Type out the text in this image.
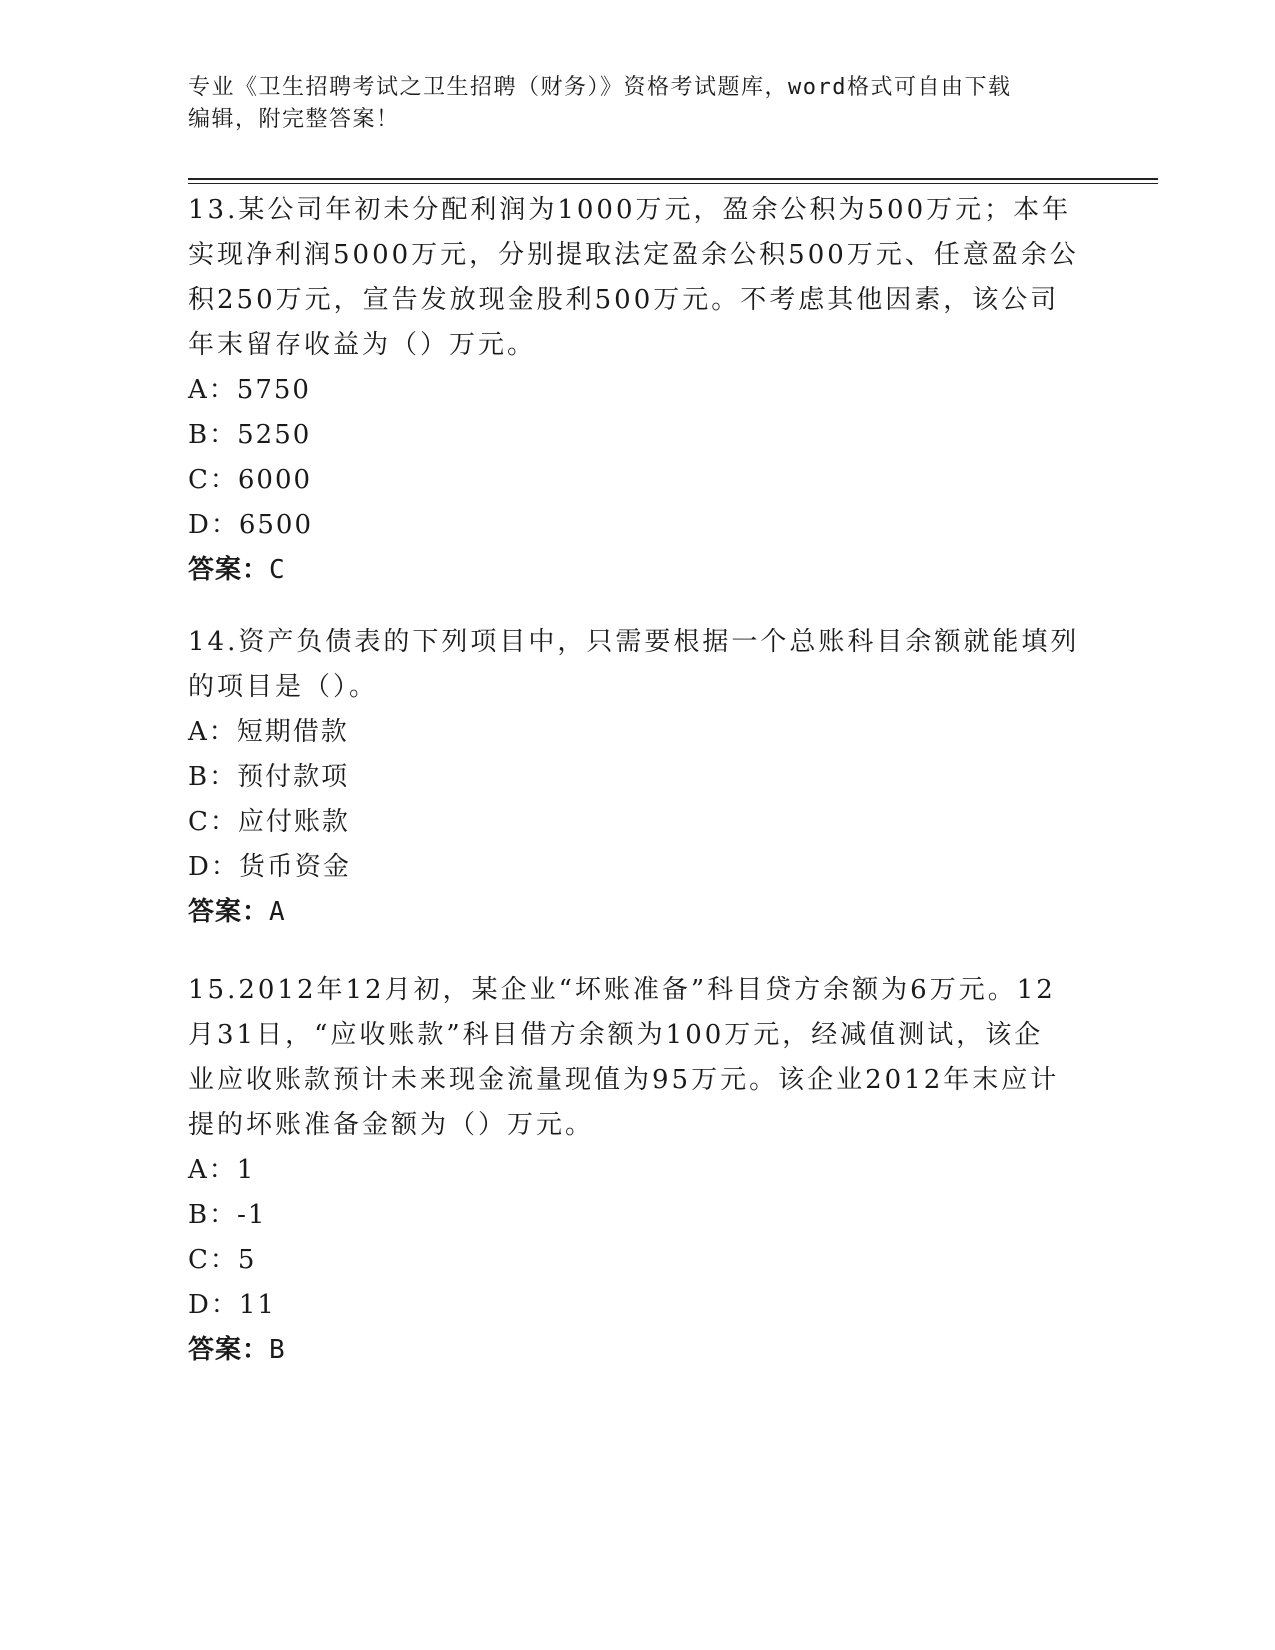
专业《卫生招聘考试之卫生招聘（财务）》资格考试题库，word格式可自由下载
编辑，附完整答案！

13.某公司年初未分配利润为1000万元，盈余公积为500万元；本年

实现净利润5000万元，分别提取法定盈余公积500万元、任意盈余公

积250万元，宣告发放现金股利500万元。不考虑其他因素，该公司

年末留存收益为（）万元。

A：5750

B：5250

C：6000

D：6500

答案：C

14.资产负债表的下列项目中，只需要根据一个总账科目余额就能填列

的项目是（）。

A：短期借款

B：预付款项

C：应付账款

D：货币资金

答案：A

15.2012年12月初，某企业“坏账准备”科目贷方余额为6万元。12

月31日，“应收账款”科目借方余额为100万元，经减值测试，该企

业应收账款预计未来现金流量现值为95万元。该企业2012年末应计

提的坏账准备金额为（）万元。

A：1

B：-1

C：5

D：11

答案：B
